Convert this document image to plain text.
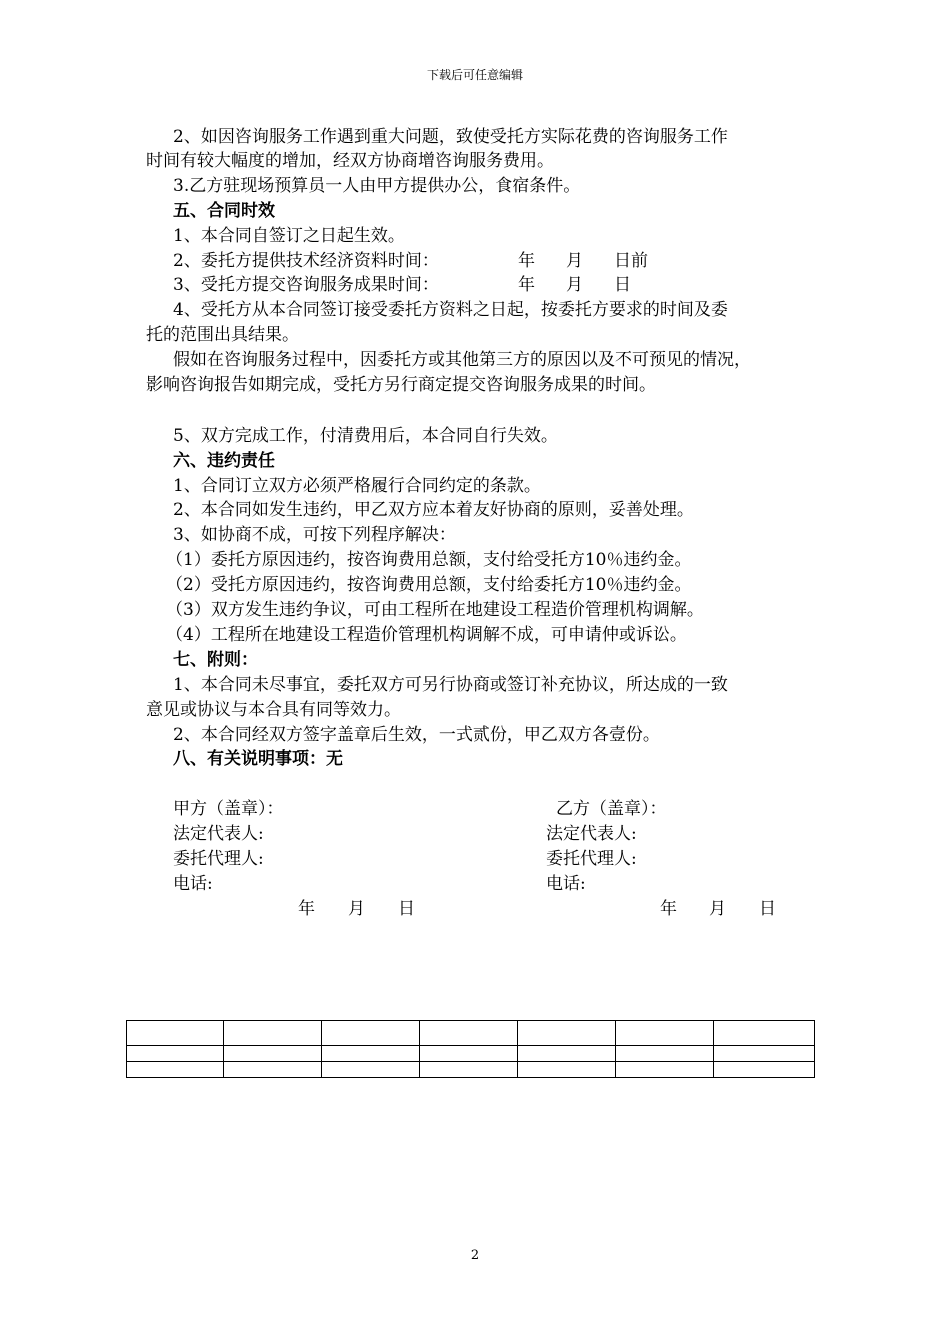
下载后可任意编辑
2、如因咨询服务工作遇到重大问题，致使受托方实际花费的咨询服务工作
时间有较大幅度的增加，经双方协商增咨询服务费用。
3.乙方驻现场预算员一人由甲方提供办公，食宿条件。
五、合同时效
1、本合同自签订之日起生效。
2、委托方提供技术经济资料时间：	年 月 日前
3、受托方提交咨询服务成果时间：	年 月 日
4、受托方从本合同签订接受委托方资料之日起，按委托方要求的时间及委
托的范围出具结果。
假如在咨询服务过程中，因委托方或其他第三方的原因以及不可预见的情况，
影响咨询报告如期完成，受托方另行商定提交咨询服务成果的时间。
5、双方完成工作，付清费用后，本合同自行失效。
六、违约责任
1、合同订立双方必须严格履行合同约定的条款。
2、本合同如发生违约，甲乙双方应本着友好协商的原则，妥善处理。
3、如协商不成，可按下列程序解决：
（1）委托方原因违约，按咨询费用总额，支付给受托方10％违约金。
（2）受托方原因违约，按咨询费用总额，支付给委托方10％违约金。
（3）双方发生违约争议，可由工程所在地建设工程造价管理机构调解。
（4）工程所在地建设工程造价管理机构调解不成，可申请仲或诉讼。
七、附则：
1、本合同未尽事宜，委托双方可另行协商或签订补充协议，所达成的一致
意见或协议与本合具有同等效力。
2、本合同经双方签字盖章后生效，一式贰份，甲乙双方各壹份。
八、有关说明事项：无
甲方（盖章）：	乙方（盖章）：
法定代表人:	法定代表人:
委托代理人:	委托代理人:
电话:	电话:
年 月 日	年 月 日

2
